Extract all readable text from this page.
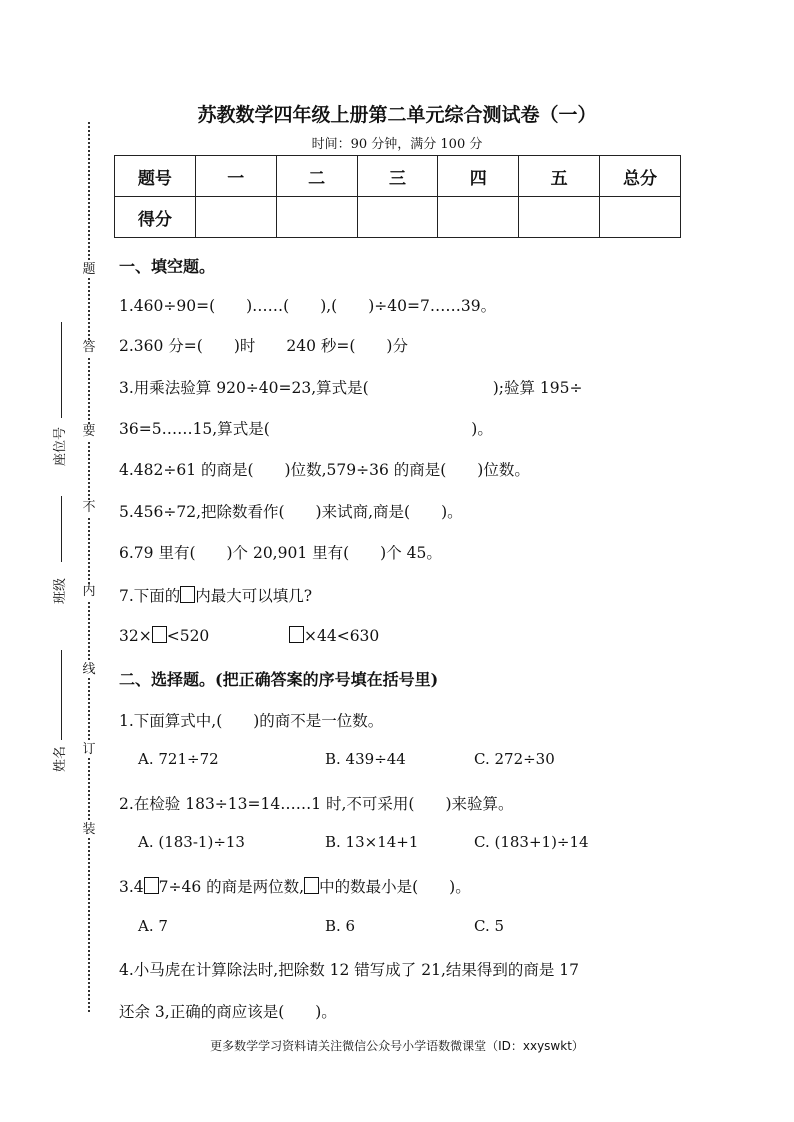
题
答
要
不
内
线
订
装
座位号
班级
姓名
苏教数学四年级上册第二单元综合测试卷（一）
时间：90 分钟，满分 100 分
题号	一	二	三	四	五	总分
得分						
一、填空题。
1.460÷90=(　　)……(　　),(　　)÷40=7……39。
2.360 分=(　　)时　　240 秒=(　　)分
3.用乘法验算 920÷40=23,算式是(　　　　　　　　);验算 195÷
36=5……15,算式是(　　　　　　　　　　　　　)。
4.482÷61 的商是(　　)位数,579÷36 的商是(　　)位数。
5.456÷72,把除数看作(　　)来试商,商是(　　)。
6.79 里有(　　)个 20,901 里有(　　)个 45。
7.下面的 内最大可以填几?
32× <520	×44<630
二、选择题。(把正确答案的序号填在括号里)
1.下面算式中,(　　)的商不是一位数。
A. 721÷72	B. 439÷44	C. 272÷30
2.在检验 183÷13=14……1 时,不可采用(　　)来验算。
A. (183-1)÷13	B. 13×14+1	C. (183+1)÷14
3.4 7÷46 的商是两位数, 中的数最小是(　　)。
A. 7	B. 6	C. 5
4.小马虎在计算除法时,把除数 12 错写成了 21,结果得到的商是 17
还余 3,正确的商应该是(　　)。
更多数学学习资料请关注微信公众号小学语数微课堂（ID：xxyswkt）
